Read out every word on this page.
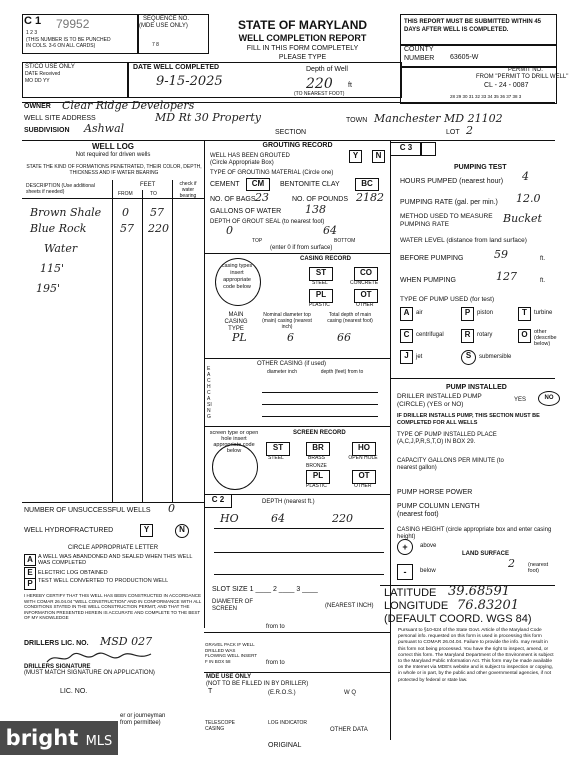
C 1 79952
1 2 3
(THIS NUMBER IS TO BE PUNCHED
IN COLS. 3-6 ON ALL CARDS)
SEQUENCE NO.
(MDE USE ONLY)
7 8
STATE OF MARYLAND
WELL COMPLETION REPORT
FILL IN THIS FORM COMPLETELY
PLEASE TYPE
THIS REPORT MUST BE SUBMITTED WITHIN 45 DAYS AFTER WELL IS COMPLETED.
COUNTY
NUMBER 63605-W
ST/CO USE ONLY
DATE Received
MO DD YY
DATE WELL COMPLETED
9-15-2025
Depth of Well
220 ft
(TO NEAREST FOOT)
PERMIT NO.
FROM "PERMIT TO DRILL WELL"
CL - 24 - 0087
28 29 30 31 32 33 34 35 36 37 38 3
OWNER Clear Ridge Developers
WELL SITE ADDRESS	MD Rt 30 Property	TOWN Manchester MD 21102
SUBDIVISION Ashwal	SECTION	LOT 2
WELL LOG
Not required for driven wells
STATE THE KIND OF FORMATIONS PENETRATED, THEIR COLOR, DEPTH, THICKNESS AND IF WATER BEARING
DESCRIPTION (Use additional sheets if needed)
FEET
FROM	TO
check if water bearing
Brown Shale 0 57
Blue Rock	57 220
Water
115'
195'
GROUTING RECORD
WELL HAS BEEN GROUTED
(Circle Appropriate Box)
Y	N
TYPE OF GROUTING MATERIAL (Circle one)
CEMENT	CM	BENTONITE CLAY	BC
NO. OF BAGS 23	NO. OF POUNDS 2182
GALLONS OF WATER 138
DEPTH OF GROUT SEAL (to nearest foot)
0	64
TOP	BOTTOM
(enter 0 if from surface)
casing types insert appropriate code below
CASING RECORD
ST
STEEL
CO
CONCRETE
PL
PLASTIC
OT
OTHER
MAIN CASING TYPE
Nominal diameter top (main) casing (nearest inch)
Total depth of main casing (nearest foot)
PL	6	66
OTHER CASING (if used)
diameter inch	depth (feet) from to
EACH CASING
screen type or open hole insert appropriate code below
SCREEN RECORD
ST
STEEL
BR
BRASS
BRONZE
HO
OPEN HOLE
PL
PLASTIC
OT
OTHER
C 2	DEPTH (nearest ft.)
HO	64	220
SLOT SIZE 1 ____ 2 ____ 3 ____
DIAMETER OF SCREEN	(NEAREST INCH)
from to
NUMBER OF UNSUCCESSFUL WELLS 0
WELL HYDROFRACTURED	Y	N
CIRCLE APPROPRIATE LETTER
A A WELL WAS ABANDONED AND SEALED WHEN THIS WELL WAS COMPLETED
E ELECTRIC LOG OBTAINED
P TEST WELL CONVERTED TO PRODUCTION WELL
I HEREBY CERTIFY THAT THIS WELL HAS BEEN CONSTRUCTED IN ACCORDANCE WITH COMAR 26.04.04 "WELL CONSTRUCTION" AND IN CONFORMANCE WITH ALL CONDITIONS STATED IN THE WELL CONSTRUCTION PERMIT, AND THAT THE INFORMATION PRESENTED HEREIN IS ACCURATE AND COMPLETE TO THE BEST OF MY KNOWLEDGE
DRILLERS LIC. NO. MSD 027
DRILLERS SIGNATURE
(MUST MATCH SIGNATURE ON APPLICATION)
LIC. NO.
er or journeyman
from permittee)
GRAVEL PACK IF WELL DRILLED WAS FLOWING WELL INSERT F IN BOX 58	from to
MDE USE ONLY
(NOT TO BE FILLED IN BY DRILLER)
T	(E.R.O.S.)	W Q
TELESCOPE CASING
LOG INDICATOR
OTHER DATA
ORIGINAL
C 3
PUMPING TEST
HOURS PUMPED (nearest hour) 4
PUMPING RATE (gal. per min.) 12.0
METHOD USED TO MEASURE PUMPING RATE	Bucket
WATER LEVEL (distance from land surface)
BEFORE PUMPING	59	ft.
WHEN PUMPING	127	ft.
TYPE OF PUMP USED (for test)
A	air	P	piston	T	turbine
C	centrifugal	R	rotary	O	other (describe below)
J	jet	S	submersible
PUMP INSTALLED
DRILLER INSTALLED PUMP (CIRCLE) (YES or NO)
YES	NO
IF DRILLER INSTALLS PUMP, THIS SECTION MUST BE COMPLETED FOR ALL WELLS
TYPE OF PUMP INSTALLED PLACE (A,C,J,P,R,S,T,O) IN BOX 29.
CAPACITY GALLONS PER MINUTE (to nearest gallon)
PUMP HORSE POWER
PUMP COLUMN LENGTH (nearest foot)
CASING HEIGHT (circle appropriate box and enter casing height)
+	above
LAND SURFACE
-	below
2 (nearest foot)
LATITUDE 39.68591
LONGITUDE 76.83201
(DEFAULT COORD. WGS 84)
Pursuant to §10-624 of the State Govt. Article of the Maryland Code personal info. requested on this form is used in processing this form pursuant to COMAR 26.04.04. Failure to provide the info. may result in this form not being processed. You have the right to inspect, amend, or correct this form. The Maryland Department of the Environment is subject to the Maryland Public Information Act. This form may be made available on the Internet via MDE's website and is subject to inspection or copying, in whole or in part, by the public and other governmental agencies, if not protected by federal or state law.
bright MLS
